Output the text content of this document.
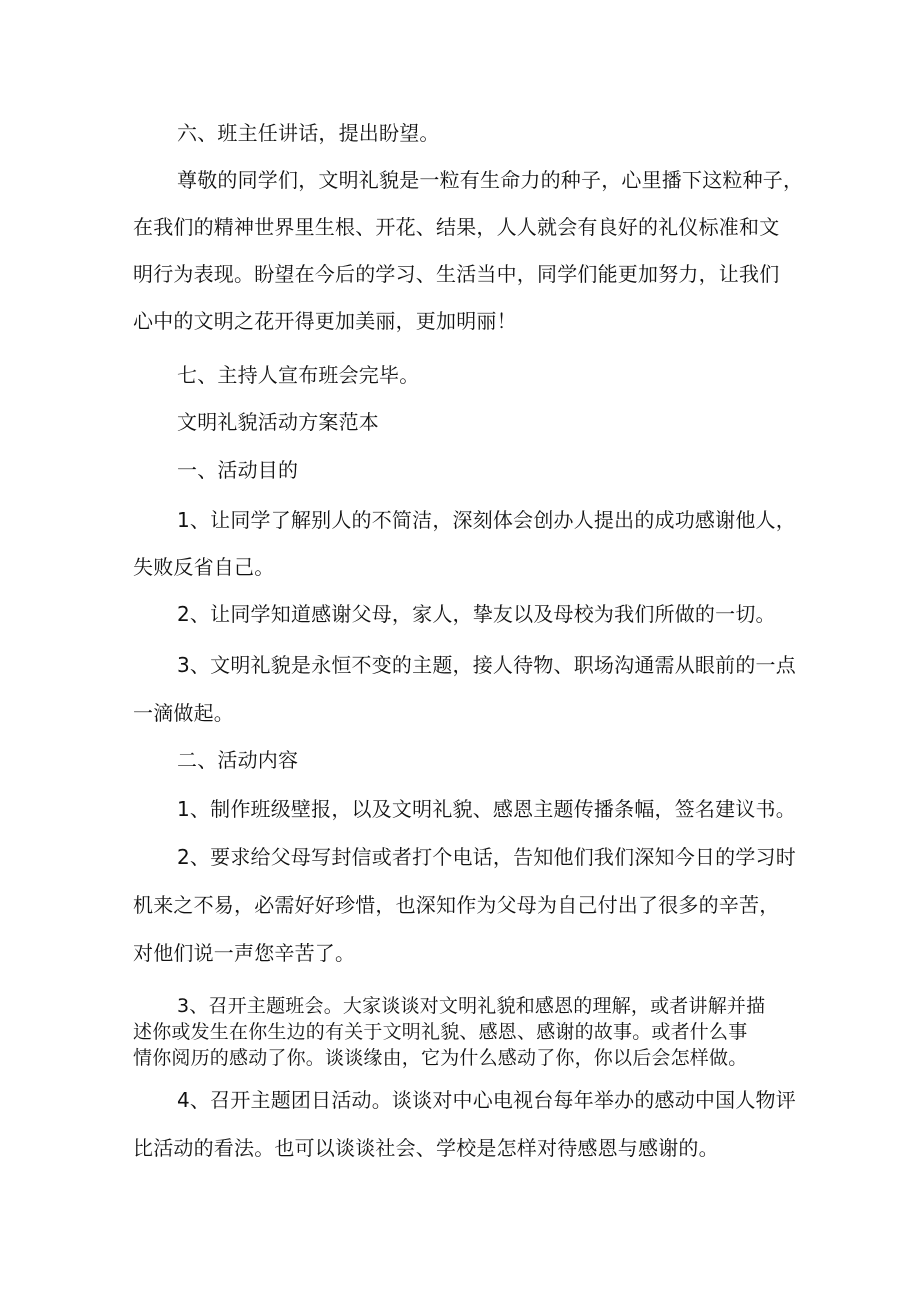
六、班主任讲话，提出盼望。
尊敬的同学们，文明礼貌是一粒有生命力的种子，心里播下这粒种子，
在我们的精神世界里生根、开花、结果，人人就会有良好的礼仪标准和文
明行为表现。盼望在今后的学习、生活当中，同学们能更加努力，让我们
心中的文明之花开得更加美丽，更加明丽！
七、主持人宣布班会完毕。
文明礼貌活动方案范本
一、活动目的
1、让同学了解别人的不简洁，深刻体会创办人提出的成功感谢他人，
失败反省自己。
2、让同学知道感谢父母，家人，挚友以及母校为我们所做的一切。
3、文明礼貌是永恒不变的主题，接人待物、职场沟通需从眼前的一点
一滴做起。
二、活动内容
1、制作班级壁报，以及文明礼貌、感恩主题传播条幅，签名建议书。
2、要求给父母写封信或者打个电话，告知他们我们深知今日的学习时
机来之不易，必需好好珍惜，也深知作为父母为自己付出了很多的辛苦，
对他们说一声您辛苦了。
3、召开主题班会。大家谈谈对文明礼貌和感恩的理解，或者讲解并描
述你或发生在你生边的有关于文明礼貌、感恩、感谢的故事。或者什么事
情你阅历的感动了你。谈谈缘由，它为什么感动了你，你以后会怎样做。
4、召开主题团日活动。谈谈对中心电视台每年举办的感动中国人物评
比活动的看法。也可以谈谈社会、学校是怎样对待感恩与感谢的。
